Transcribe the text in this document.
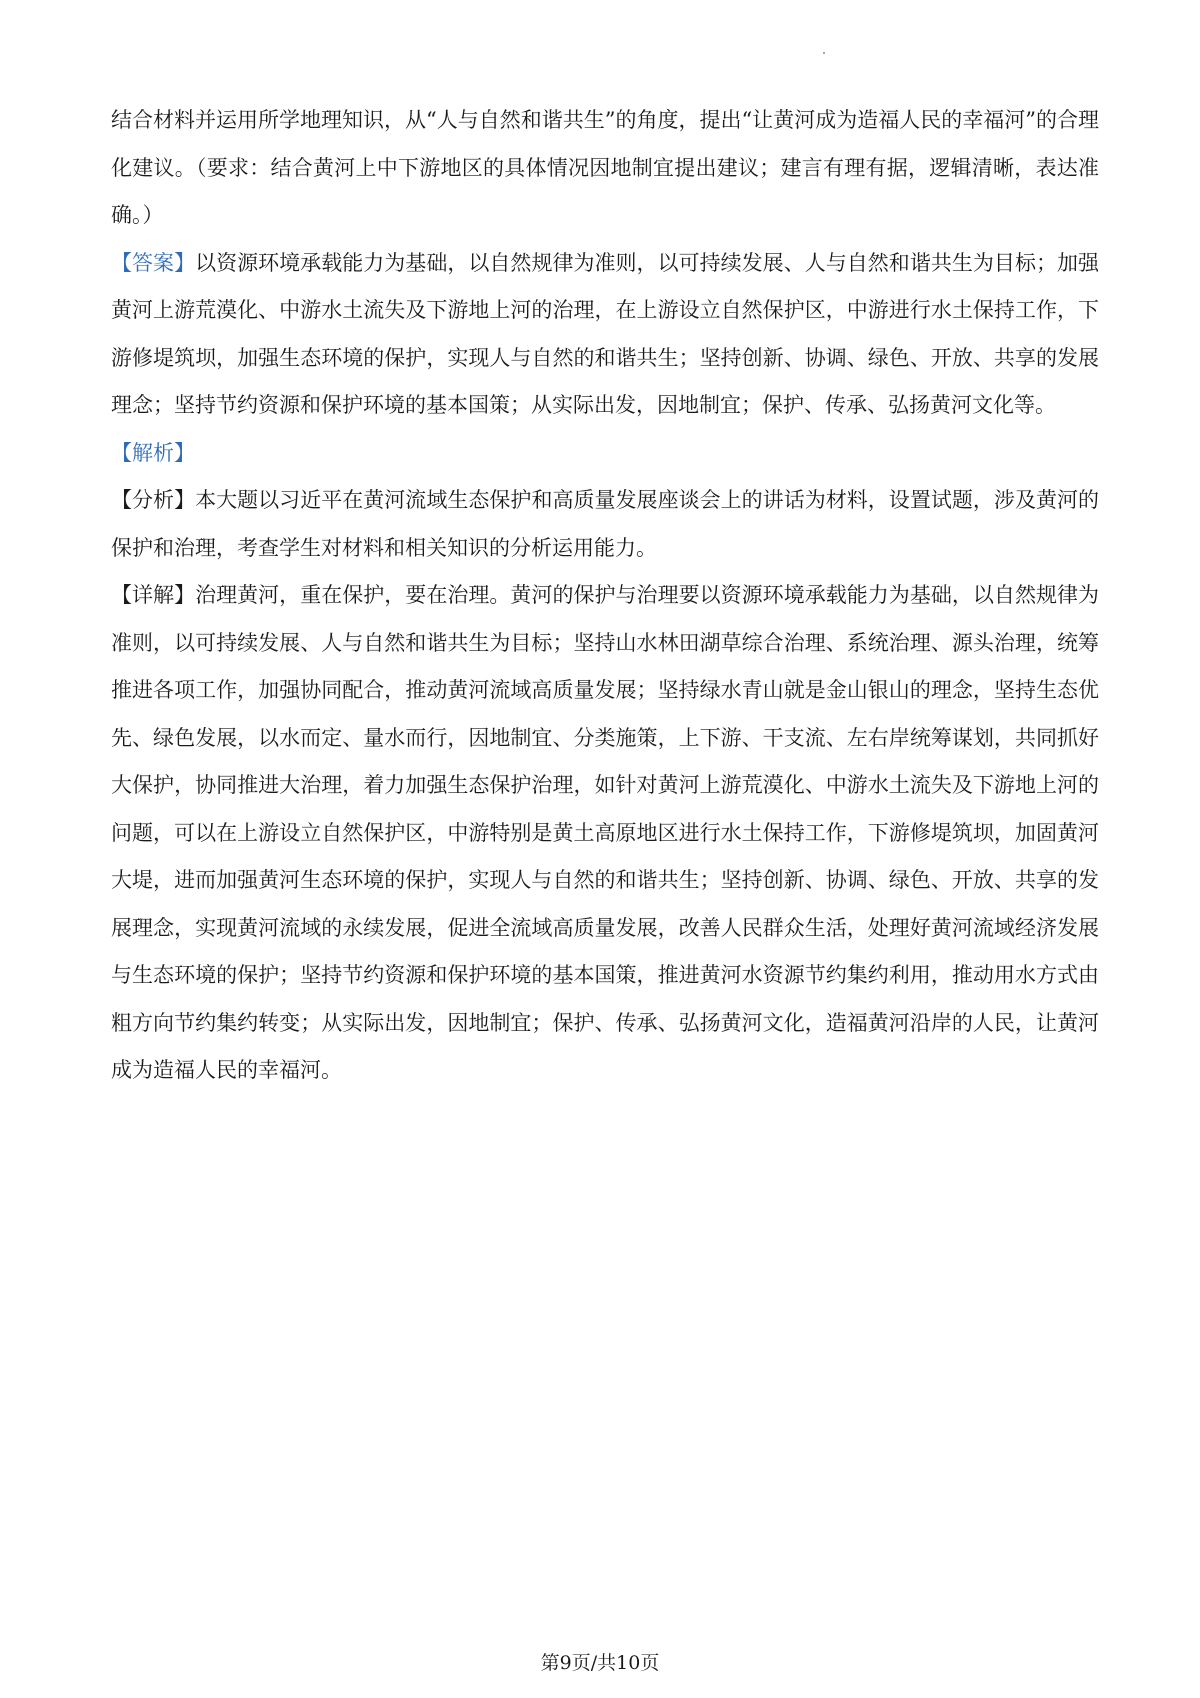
结合材料并运用所学地理知识，从“人与自然和谐共生”的角度，提出“让黄河成为造福人民的幸福河”的合理化建议。（要求：结合黄河上中下游地区的具体情况因地制宜提出建议；建言有理有据，逻辑清晰，表达准确。）

【答案】以资源环境承载能力为基础，以自然规律为准则，以可持续发展、人与自然和谐共生为目标；加强黄河上游荒漠化、中游水土流失及下游地上河的治理，在上游设立自然保护区，中游进行水土保持工作，下游修堤筑坝，加强生态环境的保护，实现人与自然的和谐共生；坚持创新、协调、绿色、开放、共享的发展理念；坚持节约资源和保护环境的基本国策；从实际出发，因地制宜；保护、传承、弘扬黄河文化等。

【解析】

【分析】本大题以习近平在黄河流域生态保护和高质量发展座谈会上的讲话为材料，设置试题，涉及黄河的保护和治理，考查学生对材料和相关知识的分析运用能力。

【详解】治理黄河，重在保护，要在治理。黄河的保护与治理要以资源环境承载能力为基础，以自然规律为准则，以可持续发展、人与自然和谐共生为目标；坚持山水林田湖草综合治理、系统治理、源头治理，统筹推进各项工作，加强协同配合，推动黄河流域高质量发展；坚持绿水青山就是金山银山的理念，坚持生态优先、绿色发展，以水而定、量水而行，因地制宜、分类施策，上下游、干支流、左右岸统筹谋划，共同抓好大保护，协同推进大治理，着力加强生态保护治理，如针对黄河上游荒漠化、中游水土流失及下游地上河的问题，可以在上游设立自然保护区，中游特别是黄土高原地区进行水土保持工作，下游修堤筑坝，加固黄河大堤，进而加强黄河生态环境的保护，实现人与自然的和谐共生；坚持创新、协调、绿色、开放、共享的发展理念，实现黄河流域的永续发展，促进全流域高质量发展，改善人民群众生活，处理好黄河流域经济发展与生态环境的保护；坚持节约资源和保护环境的基本国策，推进黄河水资源节约集约利用，推动用水方式由粗方向节约集约转变；从实际出发，因地制宜；保护、传承、弘扬黄河文化，造福黄河沿岸的人民，让黄河成为造福人民的幸福河。

第9页/共10页
